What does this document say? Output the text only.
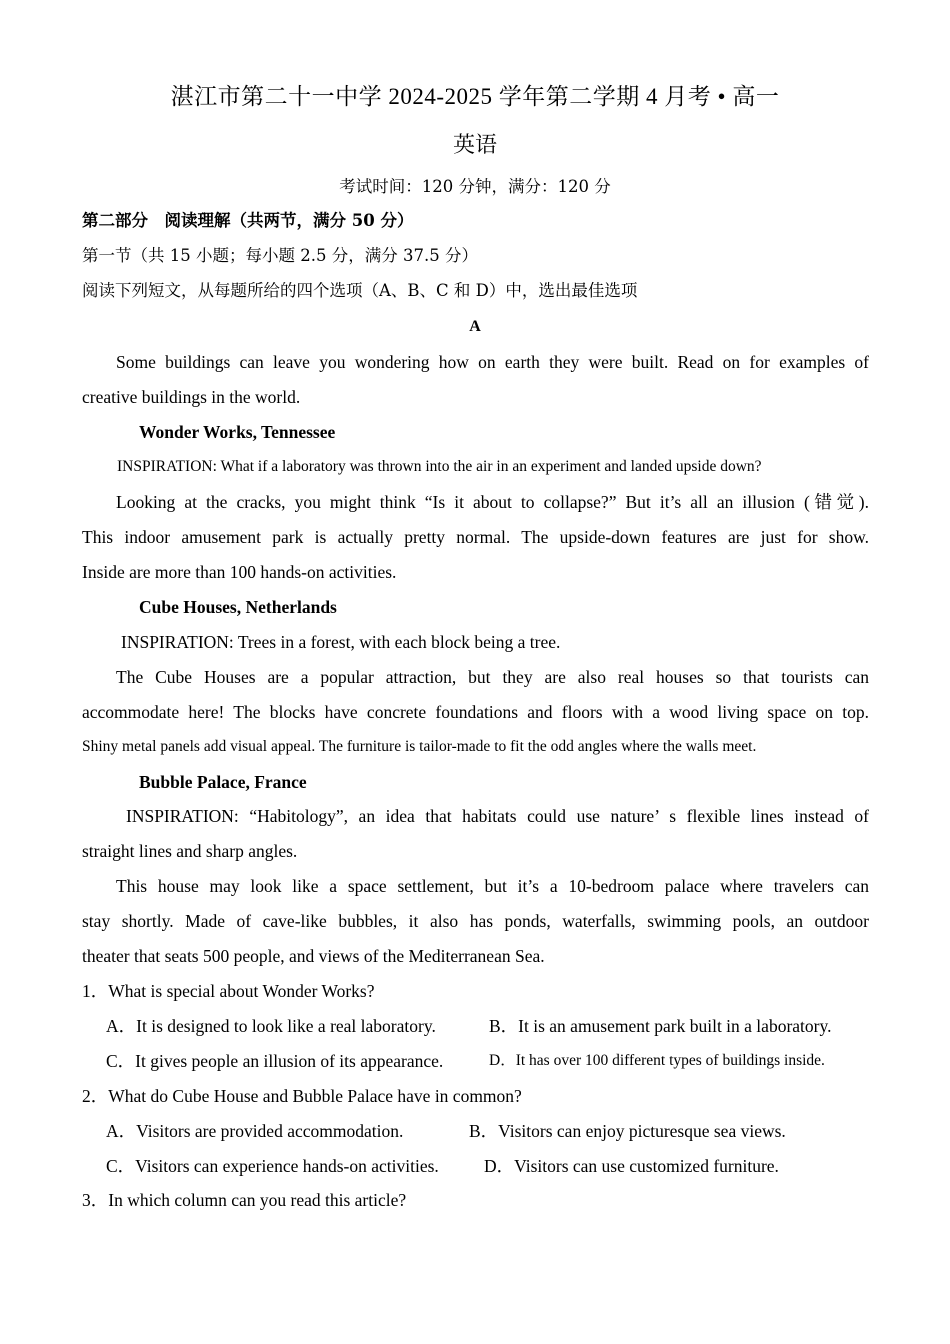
湛江市第二十一中学 2024-2025 学年第二学期 4 月考 • 高一
英语
考试时间：120 分钟，满分：120 分
第二部分　阅读理解（共两节，满分 50 分）
第一节（共 15 小题；每小题 2.5 分，满分 37.5 分）
阅读下列短文，从每题所给的四个选项（A、B、C 和 D）中，选出最佳选项
A
Some buildings can leave you wondering how on earth they were built. Read on for examples of
creative buildings in the world.
Wonder Works, Tennessee
INSPIRATION: What if a laboratory was thrown into the air in an experiment and landed upside down?
Looking at the cracks, you might think “Is it about to collapse?” But it’s all an illusion (错觉).
This indoor amusement park is actually pretty normal. The upside-down features are just for show.
Inside are more than 100 hands-on activities.
Cube Houses, Netherlands
INSPIRATION: Trees in a forest, with each block being a tree.
The Cube Houses are a popular attraction, but they are also real houses so that tourists can
accommodate here! The blocks have concrete foundations and floors with a wood living space on top.
Shiny metal panels add visual appeal. The furniture is tailor-made to fit the odd angles where the walls meet.
Bubble Palace, France
INSPIRATION: “Habitology”, an idea that habitats could use nature’ s flexible lines instead of
straight lines and sharp angles.
This house may look like a space settlement, but it’s a 10-bedroom palace where travelers can
stay shortly. Made of cave-like bubbles, it also has ponds, waterfalls, swimming pools, an outdoor
theater that seats 500 people, and views of the Mediterranean Sea.
1．What is special about Wonder Works?
A．It is designed to look like a real laboratory.	B．It is an amusement park built in a laboratory.
C．It gives people an illusion of its appearance.	D．It has over 100 different types of buildings inside.
2．What do Cube House and Bubble Palace have in common?
A．Visitors are provided accommodation.	B．Visitors can enjoy picturesque sea views.
C．Visitors can experience hands-on activities.	D．Visitors can use customized furniture.
3．In which column can you read this article?
